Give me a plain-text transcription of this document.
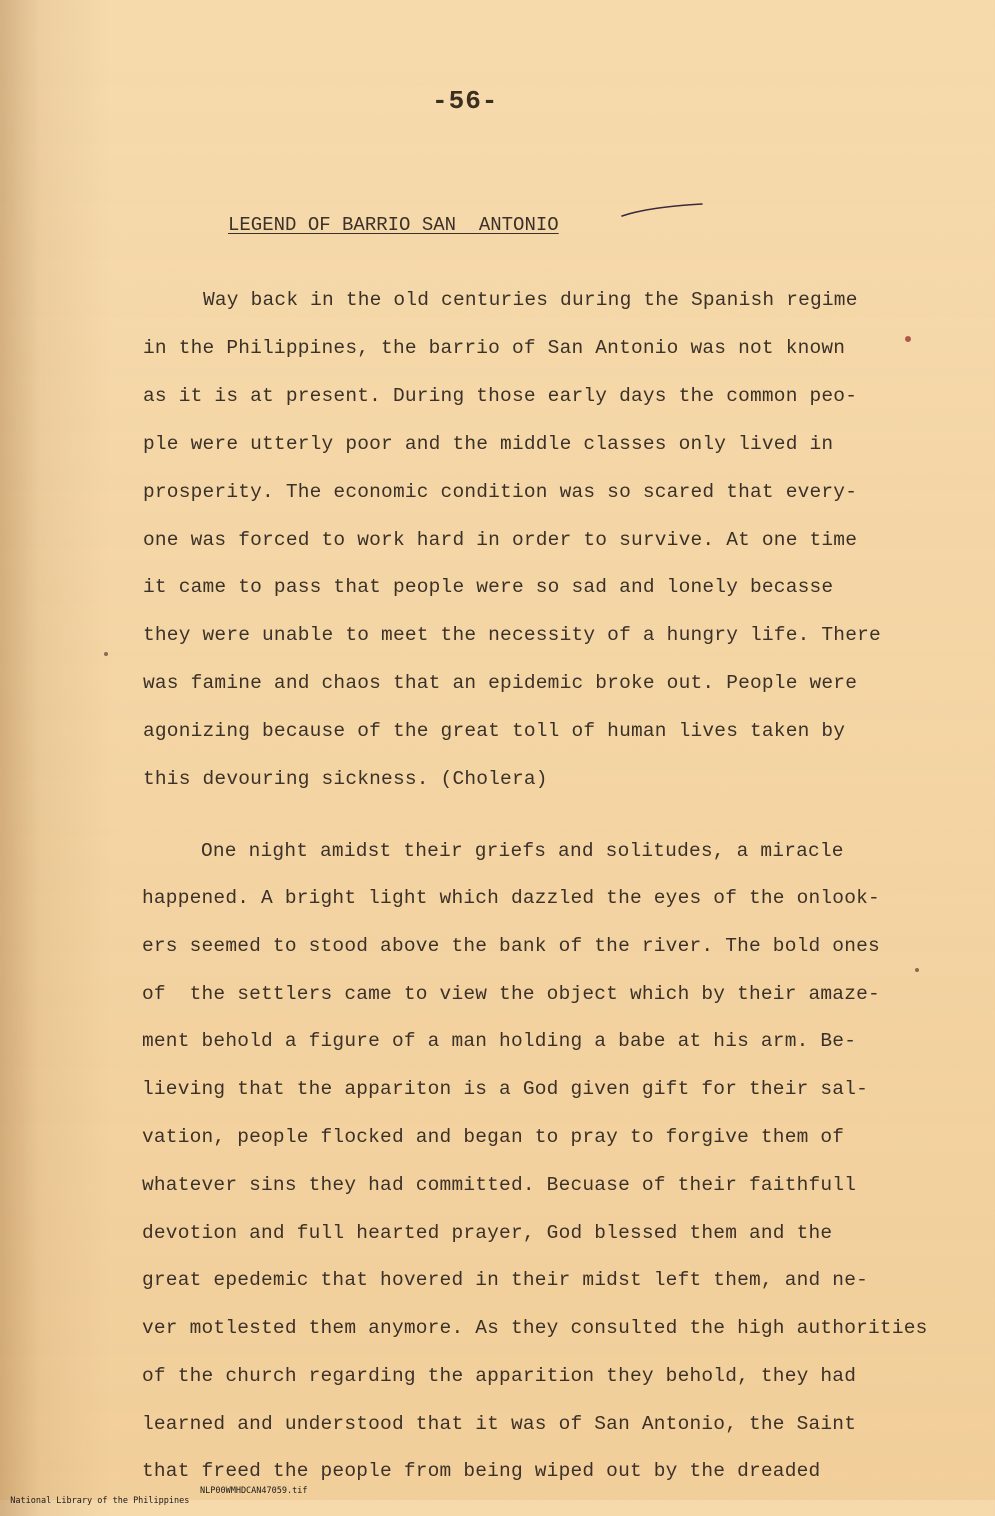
-56-
LEGEND OF BARRIO SAN  ANTONIO
Way back in the old centuries during the Spanish regime
in the Philippines, the barrio of San Antonio was not known
as it is at present. During those early days the common peo-
ple were utterly poor and the middle classes only lived in
prosperity. The economic condition was so scared that every-
one was forced to work hard in order to survive. At one time
it came to pass that people were so sad and lonely becasse
they were unable to meet the necessity of a hungry life. There
was famine and chaos that an epidemic broke out. People were
agonizing because of the great toll of human lives taken by
this devouring sickness. (Cholera)
One night amidst their griefs and solitudes, a miracle
happened. A bright light which dazzled the eyes of the onlook-
ers seemed to stood above the bank of the river. The bold ones
of  the settlers came to view the object which by their amaze-
ment behold a figure of a man holding a babe at his arm. Be-
lieving that the appariton is a God given gift for their sal-
vation, people flocked and began to pray to forgive them of
whatever sins they had committed. Becuase of their faithfull
devotion and full hearted prayer, God blessed them and the
great epedemic that hovered in their midst left them, and ne-
ver motlested them anymore. As they consulted the high authorities
of the church regarding the apparition they behold, they had
learned and understood that it was of San Antonio, the Saint
that freed the people from being wiped out by the dreaded

National Library of the Philippines

NLP00WMHDCAN47059.tif
